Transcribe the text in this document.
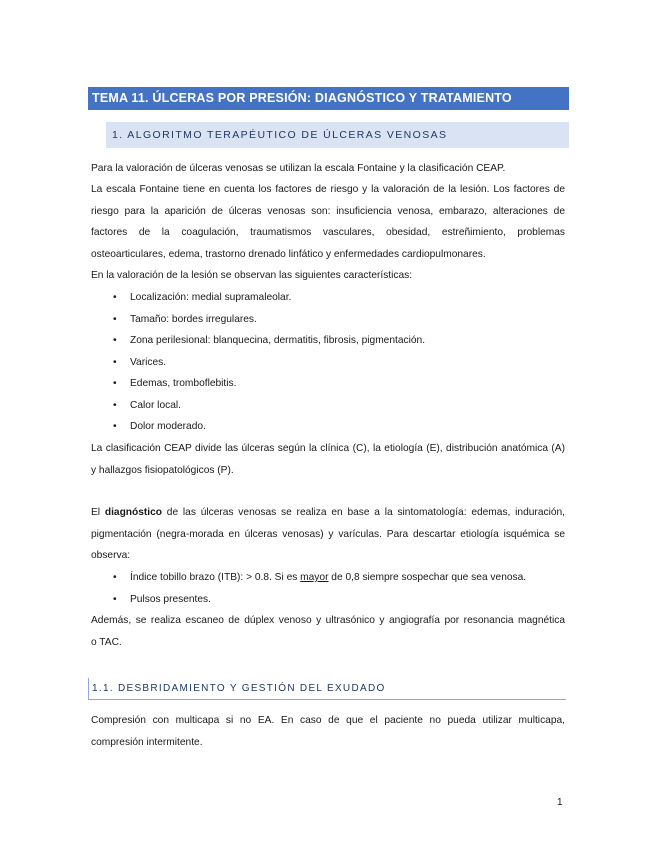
TEMA 11. ÚLCERAS POR PRESIÓN: DIAGNÓSTICO Y TRATAMIENTO
1. ALGORITMO TERAPÉUTICO DE ÚLCERAS VENOSAS
Para la valoración de úlceras venosas se utilizan la escala Fontaine y la clasificación CEAP.
La escala Fontaine tiene en cuenta los factores de riesgo y la valoración de la lesión. Los factores de
riesgo para la aparición de úlceras venosas son: insuficiencia venosa, embarazo, alteraciones de
factores de la coagulación, traumatismos vasculares, obesidad, estreñimiento, problemas
osteoarticulares, edema, trastorno drenado linfático y enfermedades cardiopulmonares.
En la valoración de la lesión se observan las siguientes características:
• Localización: medial supramaleolar.
• Tamaño: bordes irregulares.
• Zona perilesional: blanquecina, dermatitis, fibrosis, pigmentación.
• Varices.
• Edemas, tromboflebitis.
• Calor local.
• Dolor moderado.
La clasificación CEAP divide las úlceras según la clínica (C), la etiología (E), distribución anatómica (A)
y hallazgos fisiopatológicos (P).
El diagnóstico de las úlceras venosas se realiza en base a la sintomatología: edemas, induración,
pigmentación (negra-morada en úlceras venosas) y varículas. Para descartar etiología isquémica se
observa:
• Índice tobillo brazo (ITB): > 0.8. Si es mayor de 0,8 siempre sospechar que sea venosa.
• Pulsos presentes.
Además, se realiza escaneo de dúplex venoso y ultrasónico y angiografía por resonancia magnética
o TAC.
1.1. DESBRIDAMIENTO Y GESTIÓN DEL EXUDADO
Compresión con multicapa si no EA. En caso de que el paciente no pueda utilizar multicapa,
compresión intermitente.
1
